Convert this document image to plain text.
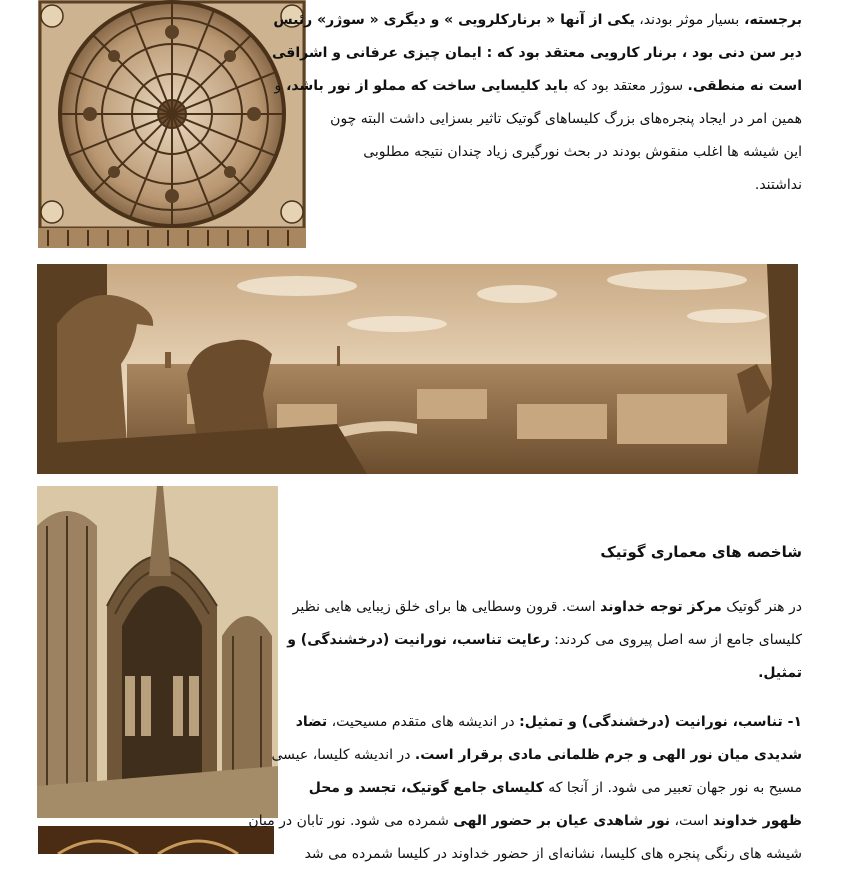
برجسته، بسیار موثر بودند، یکی از آنها « برنارکلرویی » و دیگری « سوژر» رئیس
دیر سن دنی بود ، برنار کارویی معتقد بود که : ایمان چیزی عرفانی و اشراقی
است نه منطقی. سوژر معتقد بود که باید کلیسایی ساخت که مملو از نور باشد، و
همین امر در ایجاد پنجره‌های بزرگ کلیساهای گوتیک تاثیر بسزایی داشت البته چون
این شیشه ها اغلب منقوش بودند در بحث نورگیری زیاد چندان نتیجه مطلوبی
نداشتند.
شاخصه های معماری گوتیک
در هنر گوتیک مرکز توجه خداوند است. قرون وسطایی ها برای خلق زیبایی هایی نظیر
کلیسای جامع از سه اصل پیروی می کردند: رعایت تناسب، نورانیت (درخشندگی) و
تمثیل.
۱- تناسب، نورانیت (درخشندگی) و تمثیل: در اندیشه های متقدم مسیحیت، تضاد
شدیدی میان نور الهی و جرم ظلمانی مادی برقرار است. در اندیشه کلیسا، عیسی
مسیح به نور جهان تعبیر می شود. از آنجا که کلیسای جامع گوتیک، تجسد و محل
ظهور خداوند است، نور شاهدی عیان بر حضور الهی شمرده می شود. نور تابان در میان
شیشه های رنگی پنجره های کلیسا، نشانه‌ای از حضور خداوند در کلیسا شمرده می شد
